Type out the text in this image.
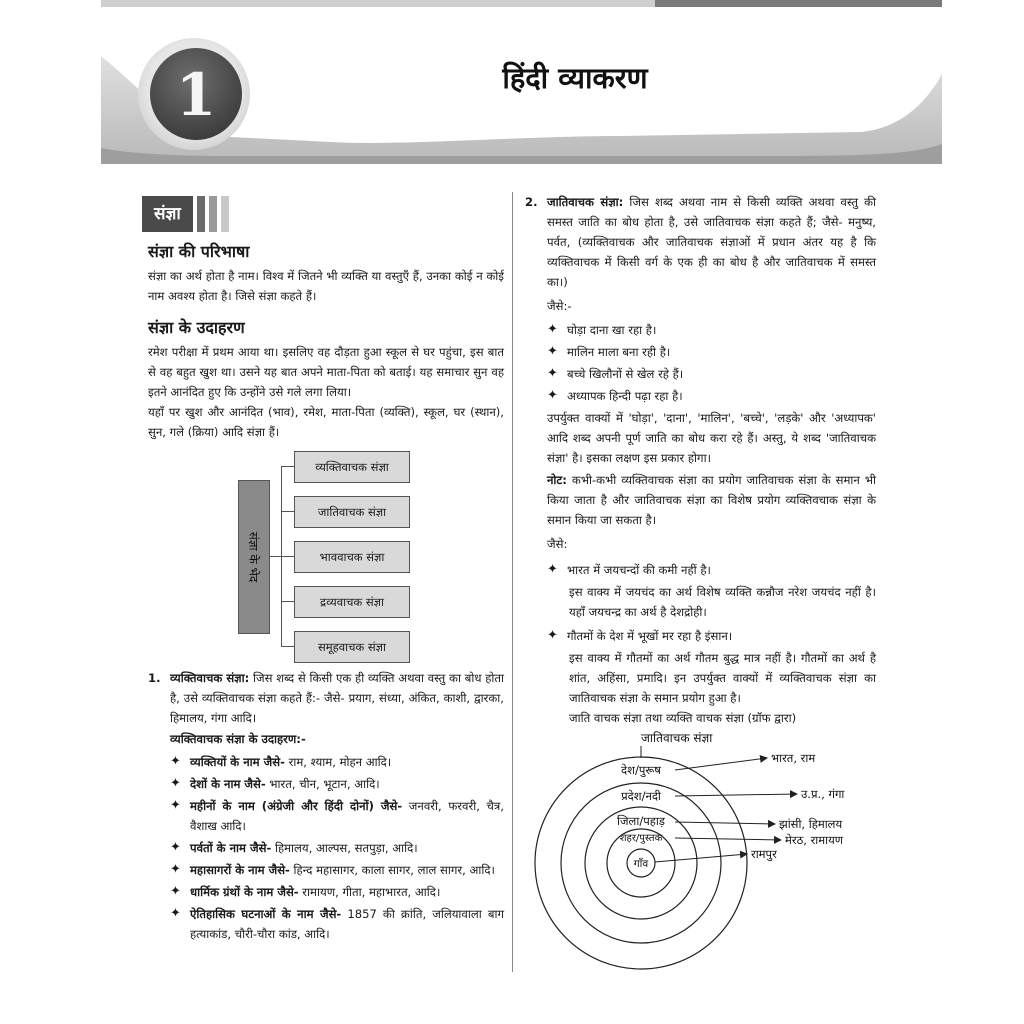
1	हिंदी व्याकरण
संज्ञा
संज्ञा की परिभाषा

संज्ञा का अर्थ होता है नाम। विश्व में जितने भी व्यक्ति या वस्तुएँ हैं, उनका कोई न कोई नाम अवश्य होता है। जिसे संज्ञा कहते हैं।

संज्ञा के उदाहरण

रमेश परीक्षा में प्रथम आया था। इसलिए वह दौड़ता हुआ स्कूल से घर पहुंचा, इस बात से वह बहुत खुश था। उसने यह बात अपने माता-पिता को बताई। यह समाचार सुन वह इतने आनंदित हुए कि उन्होंने उसे गले लगा लिया।

यहाँ पर खुश और आनंदित (भाव), रमेश, माता-पिता (व्यक्ति), स्कूल, घर (स्थान), सुन, गले (क्रिया) आदि संज्ञा हैं।

संज्ञा के भेद
व्यक्तिवाचक संज्ञा
जातिवाचक संज्ञा
भाववाचक संज्ञा
द्रव्यवाचक संज्ञा
समूहवाचक संज्ञा
1. व्यक्तिवाचक संज्ञा: जिस शब्द से किसी एक ही व्यक्ति अथवा वस्तु का बोध होता है, उसे व्यक्तिवाचक संज्ञा कहते हैं:- जैसे- प्रयाग, संध्या, अंकित, काशी, द्वारका, हिमालय, गंगा आदि।
व्यक्तिवाचक संज्ञा के उदाहरण:-
✦ व्यक्तियों के नाम जैसे- राम, श्याम, मोहन आदि।
✦ देशों के नाम जैसे- भारत, चीन, भूटान, आदि।
✦ महीनों के नाम (अंग्रेजी और हिंदी दोनों) जैसे- जनवरी, फरवरी, चैत्र, वैशाख आदि।
✦ पर्वतों के नाम जैसे- हिमालय, आल्पस, सतपुड़ा, आदि।
✦ महासागरों के नाम जैसे- हिन्द महासागर, काला सागर, लाल सागर, आदि।
✦ धार्मिक ग्रंथों के नाम जैसे- रामायण, गीता, महाभारत, आदि।
✦ ऐतिहासिक घटनाओं के नाम जैसे- 1857 की क्रांति, जलियावाला बाग हत्याकांड, चौरी-चौरा कांड, आदि।
2. जातिवाचक संज्ञा: जिस शब्द अथवा नाम से किसी व्यक्ति अथवा वस्तु की समस्त जाति का बोध होता है, उसे जातिवाचक संज्ञा कहते हैं; जैसे- मनुष्य, पर्वत, (व्यक्तिवाचक और जातिवाचक संज्ञाओं में प्रधान अंतर यह है कि व्यक्तिवाचक में किसी वर्ग के एक ही का बोध है और जातिवाचक में समस्त का।)

जैसे:-

✦ घोड़ा दाना खा रहा है।
✦ मालिन माला बना रही है।
✦ बच्चे खिलौनों से खेल रहे हैं।
✦ अध्यापक हिन्दी पढ़ा रहा है।

उपर्युक्त वाक्यों में 'घोड़ा', 'दाना', 'मालिन', 'बच्चे', 'लड़के' और 'अध्यापक' आदि शब्द अपनी पूर्ण जाति का बोध करा रहे हैं। अस्तु, ये शब्द 'जातिवाचक संज्ञा' है। इसका लक्षण इस प्रकार होगा।

नोट: कभी-कभी व्यक्तिवाचक संज्ञा का प्रयोग जातिवाचक संज्ञा के समान भी किया जाता है और जातिवाचक संज्ञा का विशेष प्रयोग व्यक्तिवचाक संज्ञा के समान किया जा सकता है।

जैसे:

✦ भारत में जयचन्दों की कमी नहीं है।

इस वाक्य में जयचंद का अर्थ विशेष व्यक्ति कन्नौज नरेश जयचंद नहीं है। यहाँ जयचन्द्र का अर्थ है देशद्रोही।

✦ गौतमों के देश में भूखों मर रहा है इंसान।

इस वाक्य में गौतमों का अर्थ गौतम बुद्ध मात्र नहीं है। गौतमों का अर्थ है शांत, अहिंसा, प्रमादि। इन उपर्युक्त वाक्यों में व्यक्तिवाचक संज्ञा का जातिवाचक संज्ञा के समान प्रयोग हुआ है।

जाति वाचक संज्ञा तथा व्यक्ति वाचक संज्ञा (ग्रॉफ द्वारा)

जातिवाचक संज्ञा
देश/पुरूष
प्रदेश/नदी
जिला/पहाड़
शहर/पुस्तक
गाँव
भारत, राम
उ.प्र., गंगा
झांसी, हिमालय
मेरठ, रामायण
रामपुर
